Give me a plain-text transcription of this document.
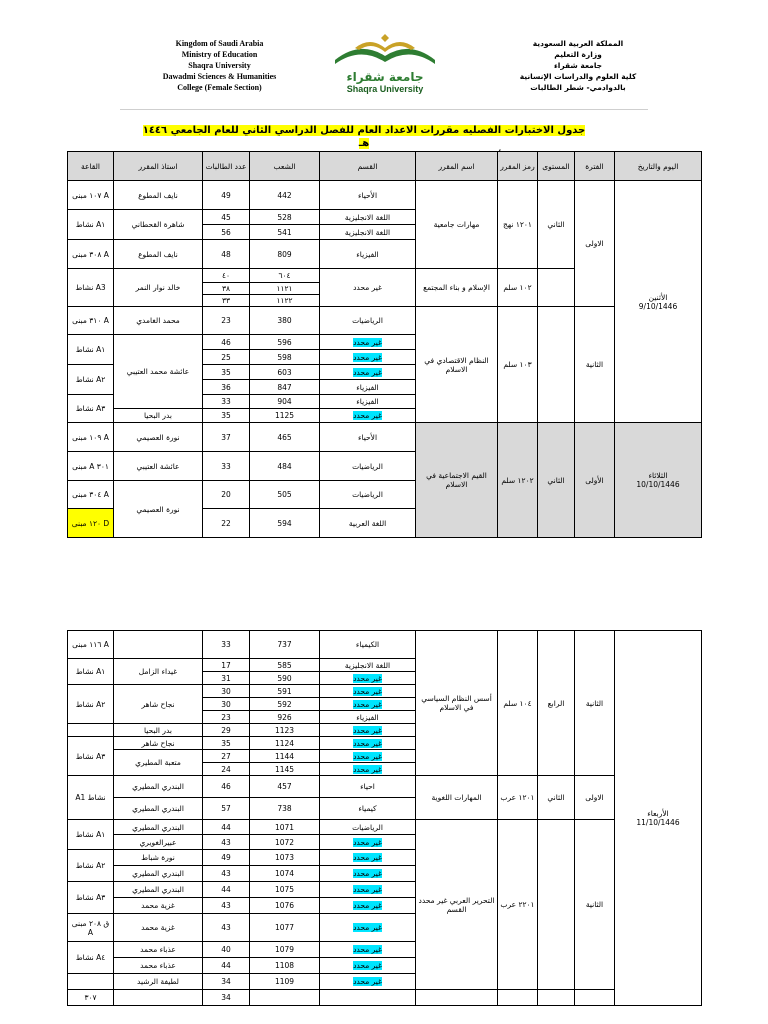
Kingdom of Saudi Arabia
Ministry of Education
Shaqra University
Dawadmi Sciences & Humanities
College (Female Section)
جامعة شقراء
Shaqra University
المملكة العربية السعودية
وزارة التعليم
جامعة شقراء
كلية العلوم والدراسات الإنسانية
بالدوادمي- شطر الطالبات
جدول الاختبارات الفصليه مقررات الاعداد العام للفصل الدراسي الثاني للعام الجامعي ١٤٤٦ هـ
القاعة	استاذ المقرر	عدد الطالبات	الشعب	القسم	اسم المقرر	رمز المقرر	المستوى	الفترة	اليوم والتاريخ
١٠٧ مبنى A	نايف المطوع	49	442	الأحياء	مهارات جامعية	١٢٠١ نهج	الثاني	الاولى	الأثنين
9/10/1446

نشاط A١	شاهرة القحطاني	45	528	اللغة الانجليزية					
		56	541	اللغة الانجليزية					
٣٠٨ مبنى A	نايف المطوع	48	809	الفيزياء					
نشاط A3	خالد نوار النمر	٤٠	٦٠٤	غير محدد	الإسلام و بناء المجتمع	١٠٢ سلم			
		٣٨	١١٢١						
		٣٣	١١٢٢						
٣١٠ مبنى A	محمد الغامدي	23	380	الرياضيات	النظام الاقتصادي في الاسلام	١٠٣ سلم		الثانية	
نشاط A١	عائشة محمد العتيبي	46	596	غير محدد					
		25	598	غير محدد					
نشاط A٢		35	603	غير محدد					
		36	847	الفيزياء					
نشاط A٣		33	904	الفيزياء					
	بدر البحيا	35	1125	غير محدد					
١٠٩ مبنى A	نورة العصيمي	37	465	الأحياء	القيم الاجتماعية في الاسلام	١٢٠٢ سلم	الثاني	الأولى	الثلاثاء
10/10/1446

مبنى A ٣٠١	عائشة العتيبي	33	484	الرياضيات					
٣٠٤ مبنى A	نورة العصيمي	20	505	الرياضيات					
١٢٠ مبنى D		22	594	اللغة العربية					
١١٦ مبنى A		33	737	الكيمياء	أسس النظام السياسي في الاسلام	١٠٤ سلم	الرابع	الثانية	الأربعاء
11/10/1446

نشاط A١	غيداء الزامل	17	585	اللغة الانجليزية					
		31	590	غير محدد					
نشاط A٢	نجاح شاهر	30	591	غير محدد					
		30	592	غير محدد					
		23	926	الفيزياء					
	بدر البحيا	29	1123	غير محدد					
نشاط A٣	نجاح شاهر	35	1124	غير محدد					
	متعبة المطيري	27	1144	غير محدد					
		24	1145	غير محدد					
A1 نشاط	البندري المطيري	46	457	احياء	المهارات اللغوية	١٢٠١ عرب	الثاني	الاولى	
	البندري المطيري	57	738	كيمياء					
نشاط A١	البندري المطيري	44	1071	الرياضيات	التحرير العربي غير محدد القسم	٢٢٠١ عرب		الثانية	
	عبيرالغويري	43	1072	غير محدد					
نشاط A٢	نورة شباط	49	1073	غير محدد					
	البندري المطيري	43	1074	غير محدد					
نشاط A٣	البندري المطيري	44	1075	غير محدد					
	غزية محمد	43	1076	غير محدد					
ق ٢٠٨ مبنى A	غزية محمد	43	1077	غير محدد					
نشاط A٤	عذباء محمد	40	1079	غير محدد					
	عذباء محمد	44	1108	غير محدد					
	لطيفة الرشيد	34	1109	غير محدد					
٣٠٧		34							
